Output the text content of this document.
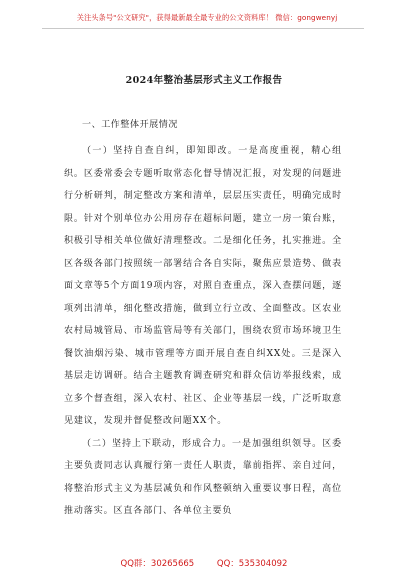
关注头条号"公文研究"，获得最新最全最专业的公文资料库！ 微信：gongwenyj
2024年整治基层形式主义工作报告

一、工作整体开展情况

（一）坚持自查自纠，即知即改。一是高度重视，精心组织。区委常委会专题听取常态化督导情况汇报，对发现的问题进行分析研判，制定整改方案和清单，层层压实责任，明确完成时限。针对个别单位办公用房存在超标问题，建立一房一策台账，积极引导相关单位做好清理整改。二是细化任务，扎实推进。全区各级各部门按照统一部署结合各自实际，聚焦应景造势、做表面文章等5个方面19项内容，对照自查重点，深入查摆问题，逐项列出清单，细化整改措施，做到立行立改、全面整改。区农业农村局城管局、市场监管局等有关部门，围绕农贸市场环境卫生餐饮油烟污染、城市管理等方面开展自查自纠XX处。三是深入基层走访调研。结合主题教育调查研究和群众信访举报线索，成立多个督查组，深入农村、社区、企业等基层一线，广泛听取意见建议，发现并督促整改问题XX个。

（二）坚持上下联动，形成合力。一是加强组织领导。区委主要负责同志认真履行第一责任人职责，靠前指挥、亲自过问，将整治形式主义为基层减负和作风整顿纳入重要议事日程，高位推动落实。区直各部门、各单位主要负

QQ群：30265665	QQ：535304092
